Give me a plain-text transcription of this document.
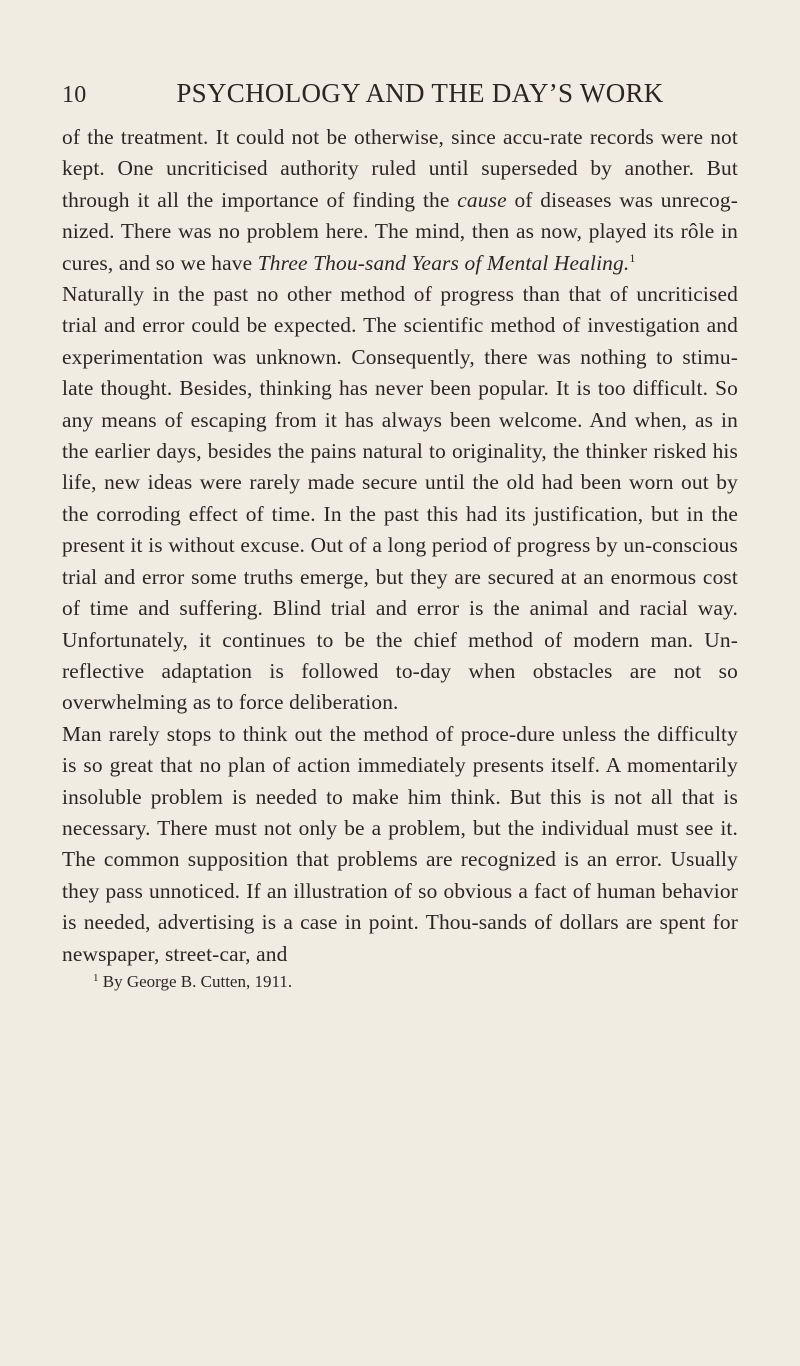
10	PSYCHOLOGY AND THE DAY’S WORK

of the treatment. It could not be otherwise, since accu-rate records were not kept. One uncriticised authority ruled until superseded by another. But through it all the importance of finding the cause of diseases was unrecog-nized. There was no problem here. The mind, then as now, played its rôle in cures, and so we have Three Thou-sand Years of Mental Healing.$^1$

Naturally in the past no other method of progress than that of uncriticised trial and error could be expected. The scientific method of investigation and experimentation was unknown. Consequently, there was nothing to stimu-late thought. Besides, thinking has never been popular. It is too difficult. So any means of escaping from it has always been welcome. And when, as in the earlier days, besides the pains natural to originality, the thinker risked his life, new ideas were rarely made secure until the old had been worn out by the corroding effect of time. In the past this had its justification, but in the present it is without excuse. Out of a long period of progress by un-conscious trial and error some truths emerge, but they are secured at an enormous cost of time and suffering. Blind trial and error is the animal and racial way. Unfortunately, it continues to be the chief method of modern man. Un-reflective adaptation is followed to-day when obstacles are not so overwhelming as to force deliberation.

Man rarely stops to think out the method of proce-dure unless the difficulty is so great that no plan of action immediately presents itself. A momentarily insoluble problem is needed to make him think. But this is not all that is necessary. There must not only be a problem, but the individual must see it. The common supposition that problems are recognized is an error. Usually they pass unnoticed. If an illustration of so obvious a fact of human behavior is needed, advertising is a case in point. Thou-sands of dollars are spent for newspaper, street-car, and

$^1$ By George B. Cutten, 1911.
